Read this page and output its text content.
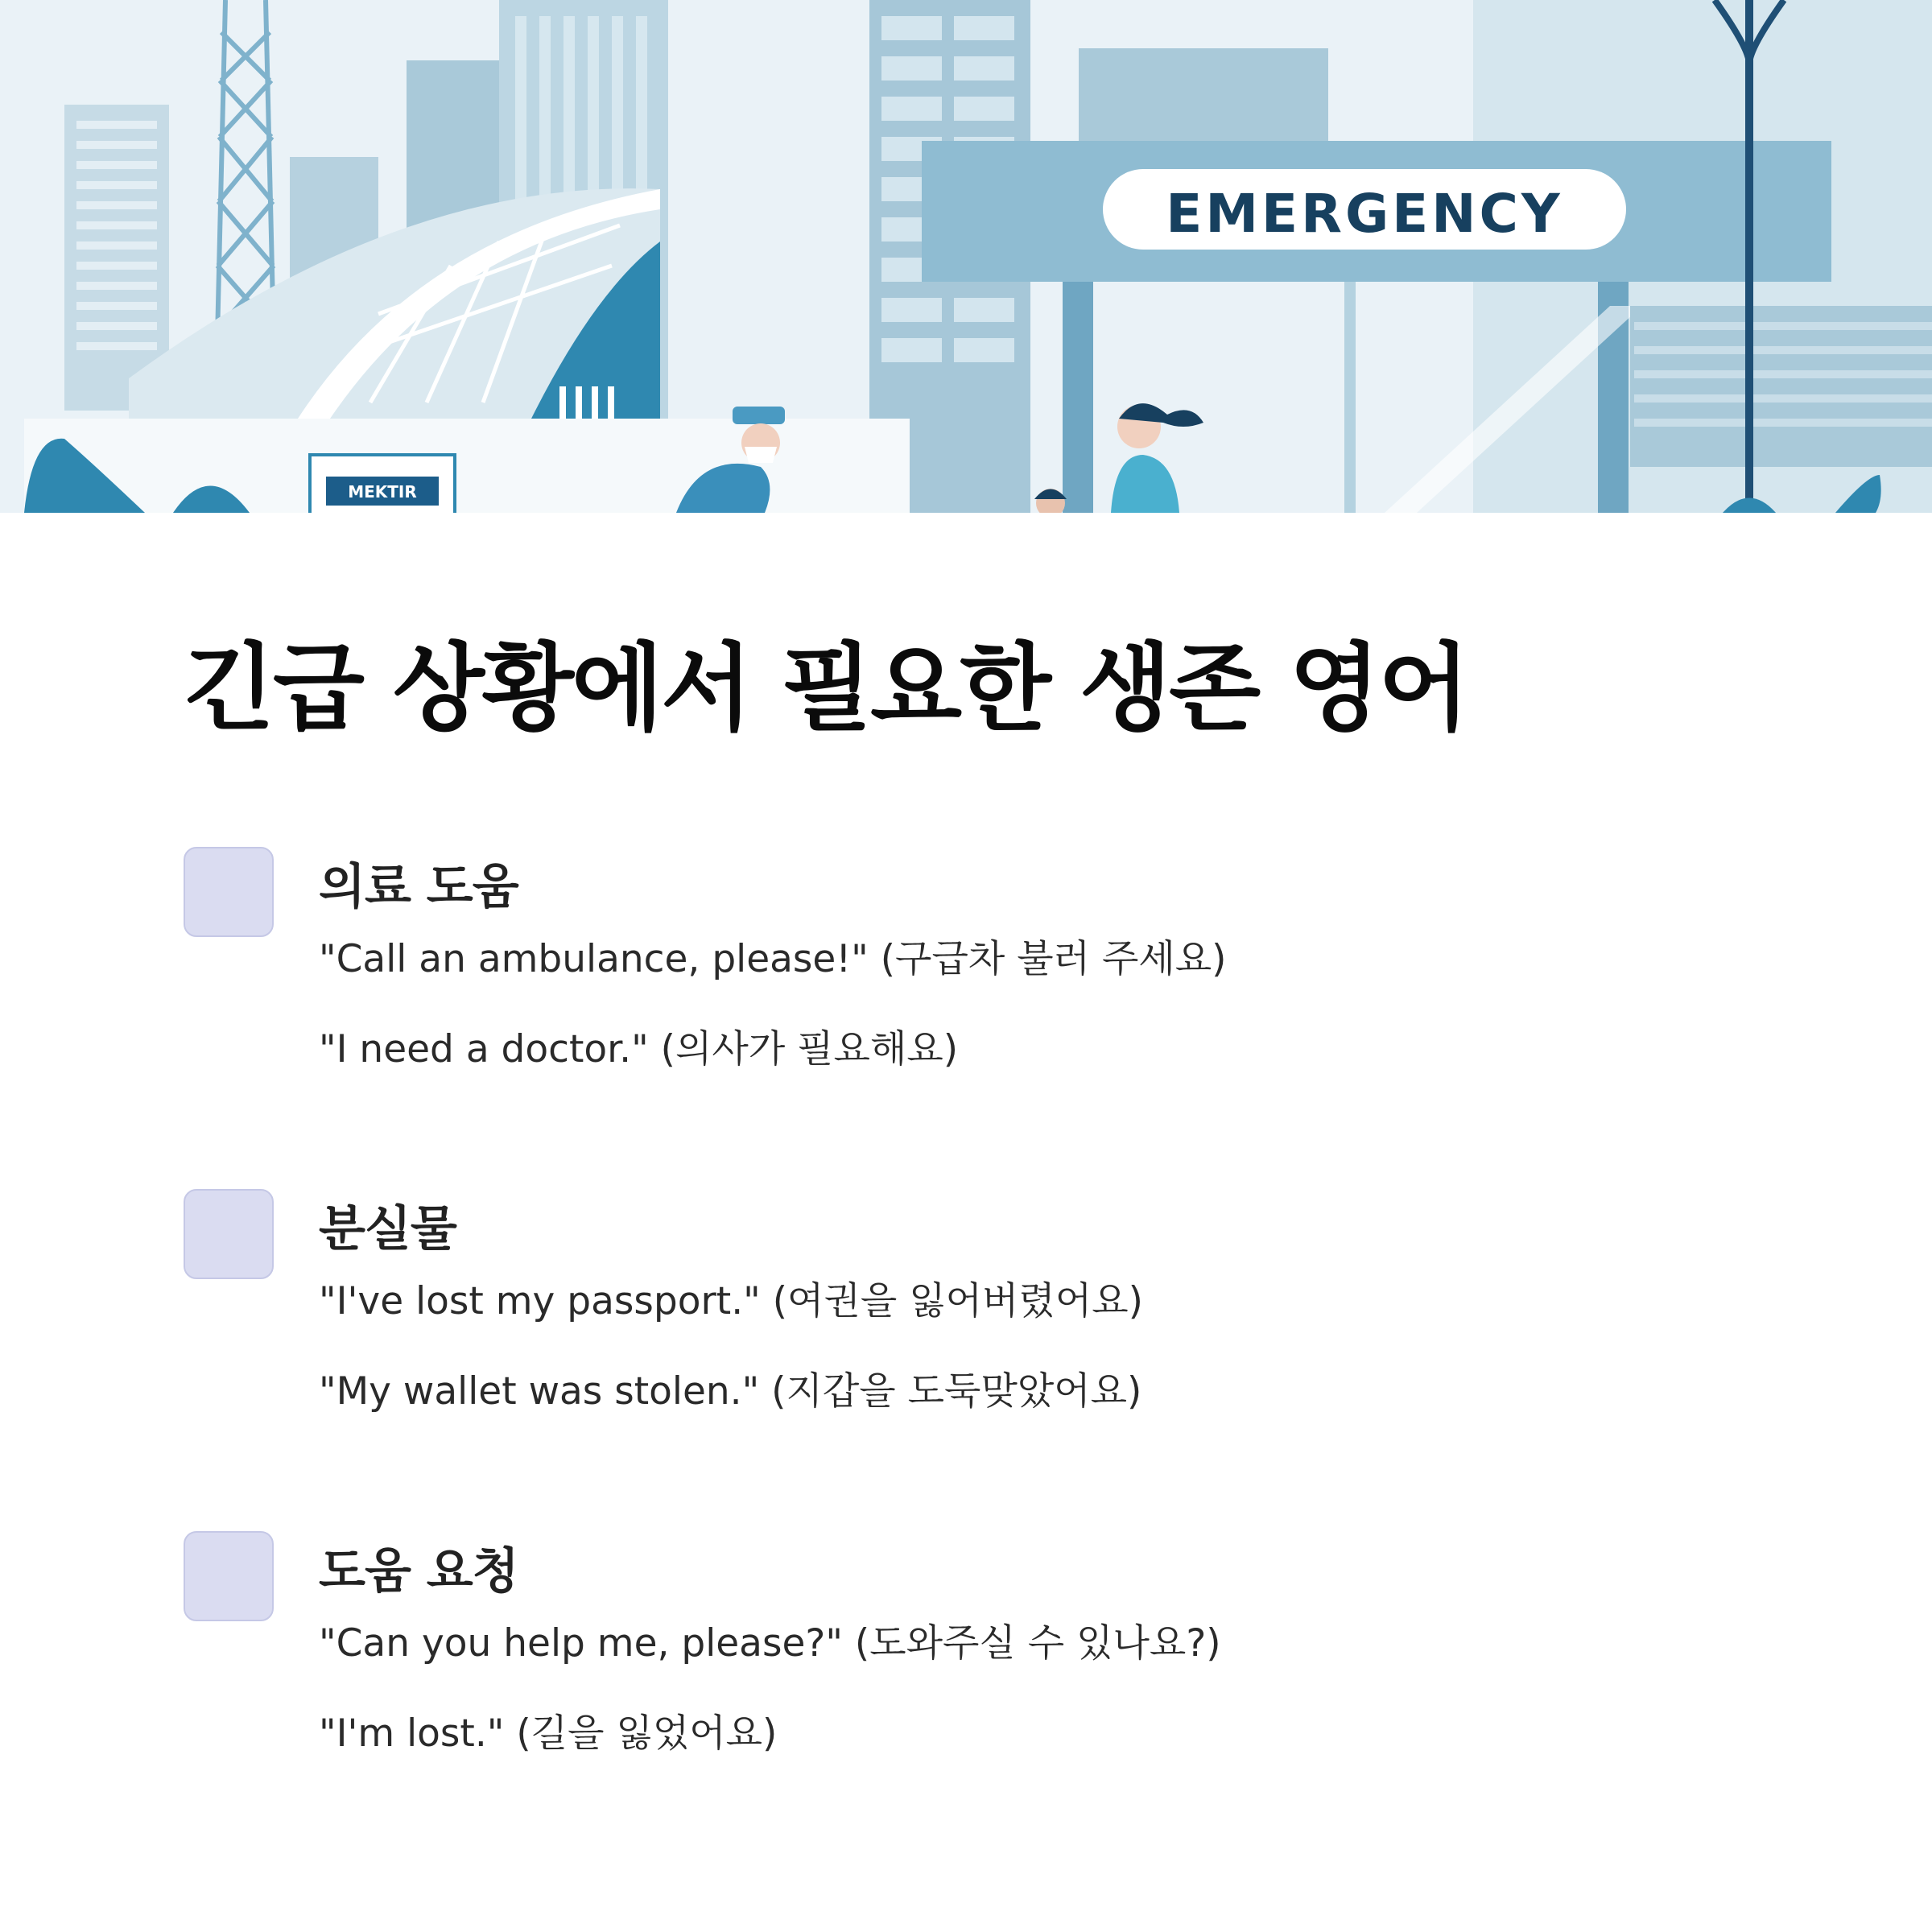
EMERGENCY
MEKTIR
긴급 상황에서 필요한 생존 영어
의료 도움
"Call an ambulance, please!" (구급차 불러 주세요)
"I need a doctor." (의사가 필요해요)
분실물
"I've lost my passport." (여권을 잃어버렸어요)
"My wallet was stolen." (지갑을 도둑맞았어요)
도움 요청
"Can you help me, please?" (도와주실 수 있나요?)
"I'm lost." (길을 잃었어요)
